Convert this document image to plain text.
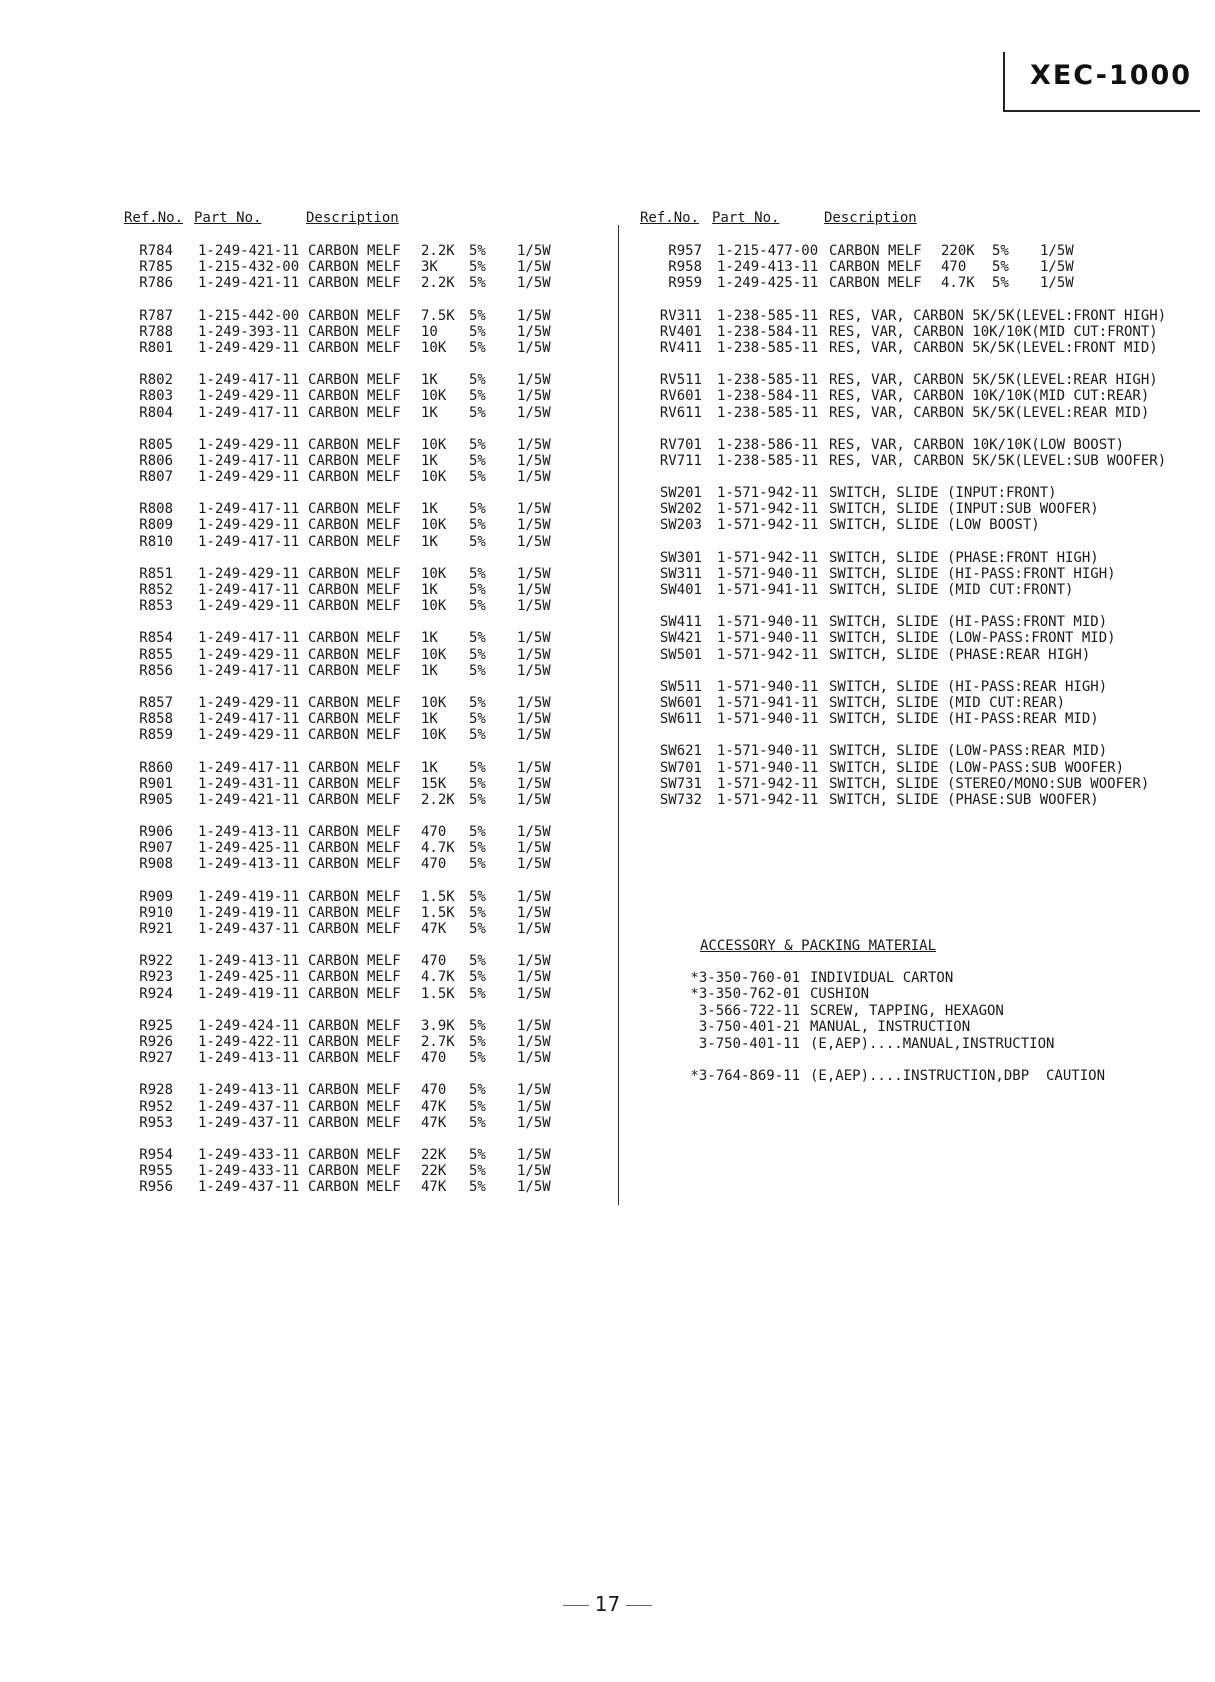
XEC-1000
Ref.No. Part No.	Description	Ref.No. Part No.	Description
R784 1-249-421-11 CARBON MELF 2.2K 5% 1/5W
R785 1-215-432-00 CARBON MELF 3K 5% 1/5W
R786 1-249-421-11 CARBON MELF 2.2K 5% 1/5W
R787 1-215-442-00 CARBON MELF 7.5K 5% 1/5W
R788 1-249-393-11 CARBON MELF 10 5% 1/5W
R801 1-249-429-11 CARBON MELF 10K 5% 1/5W
R802 1-249-417-11 CARBON MELF 1K 5% 1/5W
R803 1-249-429-11 CARBON MELF 10K 5% 1/5W
R804 1-249-417-11 CARBON MELF 1K 5% 1/5W
R805 1-249-429-11 CARBON MELF 10K 5% 1/5W
R806 1-249-417-11 CARBON MELF 1K 5% 1/5W
R807 1-249-429-11 CARBON MELF 10K 5% 1/5W
R808 1-249-417-11 CARBON MELF 1K 5% 1/5W
R809 1-249-429-11 CARBON MELF 10K 5% 1/5W
R810 1-249-417-11 CARBON MELF 1K 5% 1/5W
R851 1-249-429-11 CARBON MELF 10K 5% 1/5W
R852 1-249-417-11 CARBON MELF 1K 5% 1/5W
R853 1-249-429-11 CARBON MELF 10K 5% 1/5W
R854 1-249-417-11 CARBON MELF 1K 5% 1/5W
R855 1-249-429-11 CARBON MELF 10K 5% 1/5W
R856 1-249-417-11 CARBON MELF 1K 5% 1/5W
R857 1-249-429-11 CARBON MELF 10K 5% 1/5W
R858 1-249-417-11 CARBON MELF 1K 5% 1/5W
R859 1-249-429-11 CARBON MELF 10K 5% 1/5W
R860 1-249-417-11 CARBON MELF 1K 5% 1/5W
R901 1-249-431-11 CARBON MELF 15K 5% 1/5W
R905 1-249-421-11 CARBON MELF 2.2K 5% 1/5W
R906 1-249-413-11 CARBON MELF 470 5% 1/5W
R907 1-249-425-11 CARBON MELF 4.7K 5% 1/5W
R908 1-249-413-11 CARBON MELF 470 5% 1/5W
R909 1-249-419-11 CARBON MELF 1.5K 5% 1/5W
R910 1-249-419-11 CARBON MELF 1.5K 5% 1/5W
R921 1-249-437-11 CARBON MELF 47K 5% 1/5W
R922 1-249-413-11 CARBON MELF 470 5% 1/5W
R923 1-249-425-11 CARBON MELF 4.7K 5% 1/5W
R924 1-249-419-11 CARBON MELF 1.5K 5% 1/5W
R925 1-249-424-11 CARBON MELF 3.9K 5% 1/5W
R926 1-249-422-11 CARBON MELF 2.7K 5% 1/5W
R927 1-249-413-11 CARBON MELF 470 5% 1/5W
R928 1-249-413-11 CARBON MELF 470 5% 1/5W
R952 1-249-437-11 CARBON MELF 47K 5% 1/5W
R953 1-249-437-11 CARBON MELF 47K 5% 1/5W
R954 1-249-433-11 CARBON MELF 22K 5% 1/5W
R955 1-249-433-11 CARBON MELF 22K 5% 1/5W
R956 1-249-437-11 CARBON MELF 47K 5% 1/5W
R957 1-215-477-00 CARBON MELF 220K 5% 1/5W
R958 1-249-413-11 CARBON MELF 470 5% 1/5W
R959 1-249-425-11 CARBON MELF 4.7K 5% 1/5W
RV311 1-238-585-11 RES, VAR, CARBON 5K/5K(LEVEL:FRONT HIGH)
RV401 1-238-584-11 RES, VAR, CARBON 10K/10K(MID CUT:FRONT)
RV411 1-238-585-11 RES, VAR, CARBON 5K/5K(LEVEL:FRONT MID)
RV511 1-238-585-11 RES, VAR, CARBON 5K/5K(LEVEL:REAR HIGH)
RV601 1-238-584-11 RES, VAR, CARBON 10K/10K(MID CUT:REAR)
RV611 1-238-585-11 RES, VAR, CARBON 5K/5K(LEVEL:REAR MID)
RV701 1-238-586-11 RES, VAR, CARBON 10K/10K(LOW BOOST)
RV711 1-238-585-11 RES, VAR, CARBON 5K/5K(LEVEL:SUB WOOFER)
SW201 1-571-942-11 SWITCH, SLIDE (INPUT:FRONT)
SW202 1-571-942-11 SWITCH, SLIDE (INPUT:SUB WOOFER)
SW203 1-571-942-11 SWITCH, SLIDE (LOW BOOST)
SW301 1-571-942-11 SWITCH, SLIDE (PHASE:FRONT HIGH)
SW311 1-571-940-11 SWITCH, SLIDE (HI-PASS:FRONT HIGH)
SW401 1-571-941-11 SWITCH, SLIDE (MID CUT:FRONT)
SW411 1-571-940-11 SWITCH, SLIDE (HI-PASS:FRONT MID)
SW421 1-571-940-11 SWITCH, SLIDE (LOW-PASS:FRONT MID)
SW501 1-571-942-11 SWITCH, SLIDE (PHASE:REAR HIGH)
SW511 1-571-940-11 SWITCH, SLIDE (HI-PASS:REAR HIGH)
SW601 1-571-941-11 SWITCH, SLIDE (MID CUT:REAR)
SW611 1-571-940-11 SWITCH, SLIDE (HI-PASS:REAR MID)
SW621 1-571-940-11 SWITCH, SLIDE (LOW-PASS:REAR MID)
SW701 1-571-940-11 SWITCH, SLIDE (LOW-PASS:SUB WOOFER)
SW731 1-571-942-11 SWITCH, SLIDE (STEREO/MONO:SUB WOOFER)
SW732 1-571-942-11 SWITCH, SLIDE (PHASE:SUB WOOFER)
ACCESSORY & PACKING MATERIAL
*3-350-760-01 INDIVIDUAL CARTON
*3-350-762-01 CUSHION
3-566-722-11 SCREW, TAPPING, HEXAGON
3-750-401-21 MANUAL, INSTRUCTION
3-750-401-11 (E,AEP)....MANUAL,INSTRUCTION
*3-764-869-11 (E,AEP)....INSTRUCTION,DBP  CAUTION
17
